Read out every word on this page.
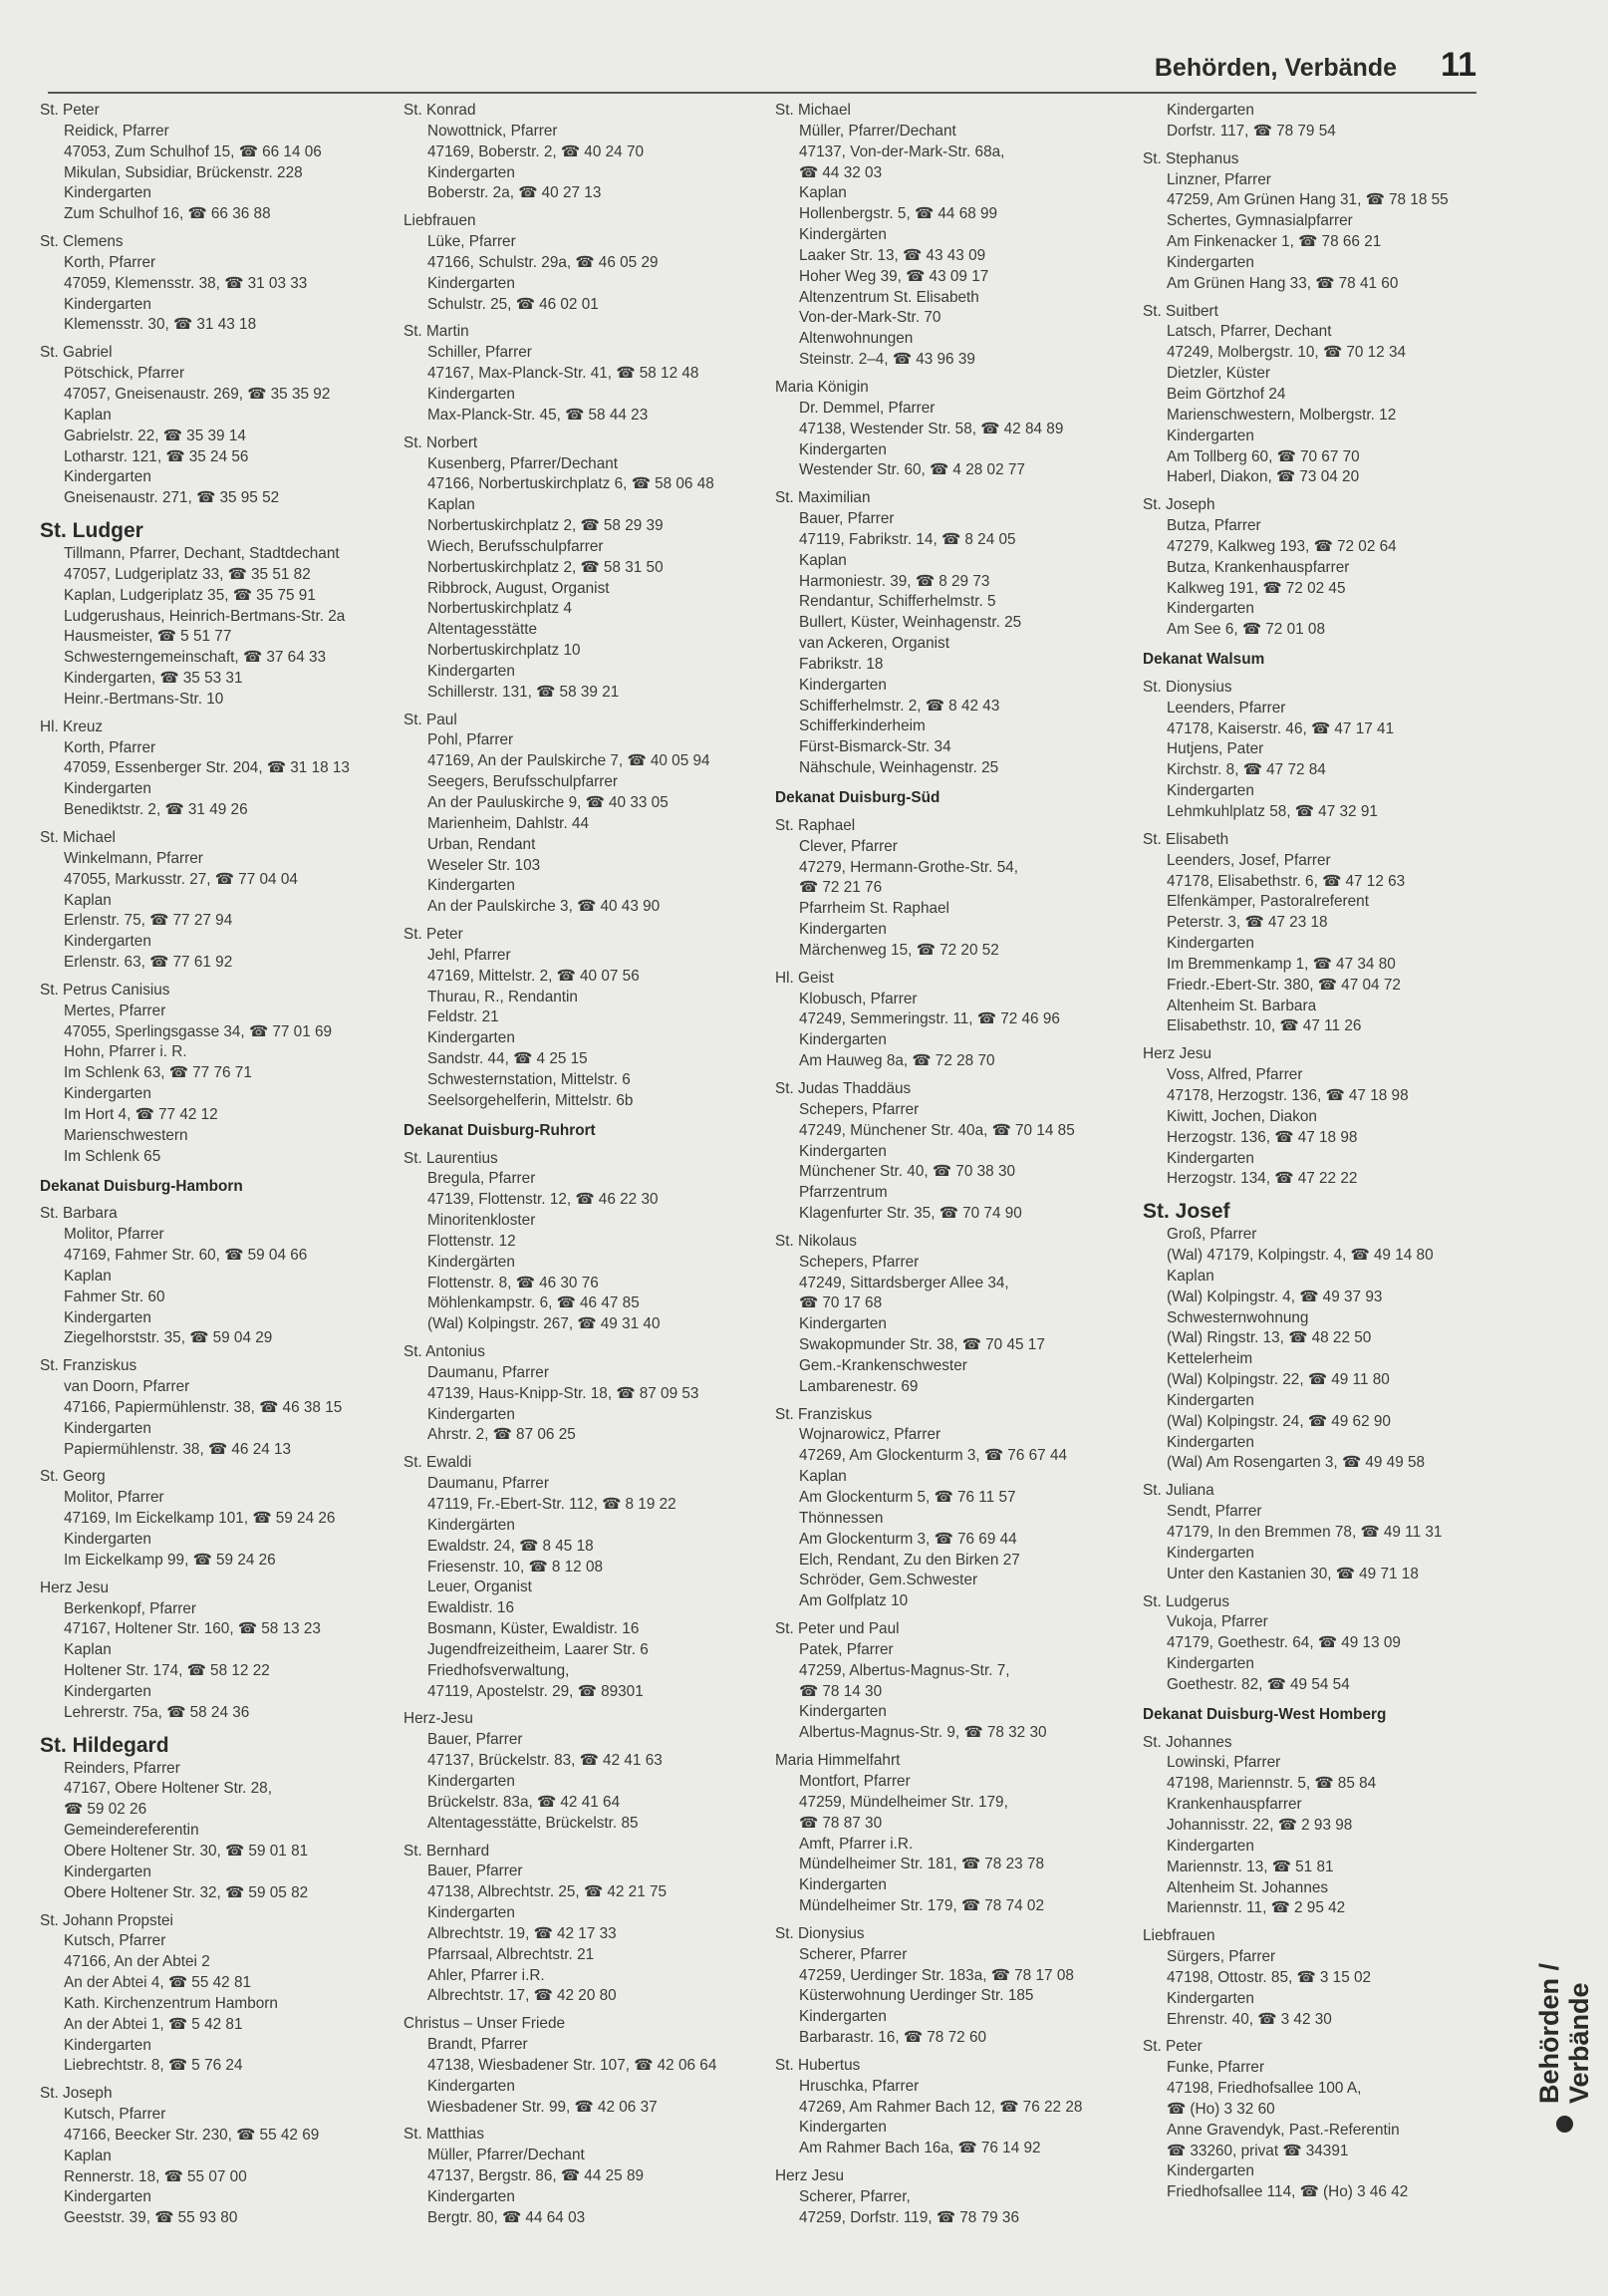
Behörden, Verbände 11
St. Peter
Reidick, Pfarrer
47053, Zum Schulhof 15, ☎ 66 14 06
Mikulan, Subsidiar, Brückenstr. 228
Kindergarten
Zum Schulhof 16, ☎ 66 36 88
St. Clemens
Korth, Pfarrer
47059, Klemensstr. 38, ☎ 31 03 33
Kindergarten
Klemensstr. 30, ☎ 31 43 18
St. Gabriel
Pötschick, Pfarrer
47057, Gneisenaustr. 269, ☎ 35 35 92
Kaplan
Gabrielstr. 22, ☎ 35 39 14
Lotharstr. 121, ☎ 35 24 56
Kindergarten
Gneisenaustr. 271, ☎ 35 95 52
St. Ludger
Tillmann, Pfarrer, Dechant, Stadtdechant
47057, Ludgeriplatz 33, ☎ 35 51 82
Kaplan, Ludgeriplatz 35, ☎ 35 75 91
Ludgerushaus, Heinrich-Bertmans-Str. 2a
Hausmeister, ☎ 5 51 77
Schwesterngemeinschaft, ☎ 37 64 33
Kindergarten, ☎ 35 53 31
Heinr.-Bertmans-Str. 10
Hl. Kreuz
Korth, Pfarrer
47059, Essenberger Str. 204, ☎ 31 18 13
Kindergarten
Benediktstr. 2, ☎ 31 49 26
St. Michael
Winkelmann, Pfarrer
47055, Markusstr. 27, ☎ 77 04 04
Kaplan
Erlenstr. 75, ☎ 77 27 94
Kindergarten
Erlenstr. 63, ☎ 77 61 92
St. Petrus Canisius
Mertes, Pfarrer
47055, Sperlingsgasse 34, ☎ 77 01 69
Hohn, Pfarrer i. R.
Im Schlenk 63, ☎ 77 76 71
Kindergarten
Im Hort 4, ☎ 77 42 12
Marienschwestern
Im Schlenk 65
Dekanat Duisburg-Hamborn
St. Barbara
Molitor, Pfarrer
47169, Fahmer Str. 60, ☎ 59 04 66
Kaplan
Fahmer Str. 60
Kindergarten
Ziegelhorststr. 35, ☎ 59 04 29
St. Franziskus
van Doorn, Pfarrer
47166, Papiermühlenstr. 38, ☎ 46 38 15
Kindergarten
Papiermühlenstr. 38, ☎ 46 24 13
St. Georg
Molitor, Pfarrer
47169, Im Eickelkamp 101, ☎ 59 24 26
Kindergarten
Im Eickelkamp 99, ☎ 59 24 26
Herz Jesu
Berkenkopf, Pfarrer
47167, Holtener Str. 160, ☎ 58 13 23
Kaplan
Holtener Str. 174, ☎ 58 12 22
Kindergarten
Lehrerstr. 75a, ☎ 58 24 36
St. Hildegard
Reinders, Pfarrer
47167, Obere Holtener Str. 28,
☎ 59 02 26
Gemeindereferentin
Obere Holtener Str. 30, ☎ 59 01 81
Kindergarten
Obere Holtener Str. 32, ☎ 59 05 82
St. Johann Propstei
Kutsch, Pfarrer
47166, An der Abtei 2
An der Abtei 4, ☎ 55 42 81
Kath. Kirchenzentrum Hamborn
An der Abtei 1, ☎ 5 42 81
Kindergarten
Liebrechtstr. 8, ☎ 5 76 24
St. Joseph
Kutsch, Pfarrer
47166, Beecker Str. 230, ☎ 55 42 69
Kaplan
Rennerstr. 18, ☎ 55 07 00
Kindergarten
Geeststr. 39, ☎ 55 93 80
St. Konrad
Nowottnick, Pfarrer
47169, Boberstr. 2, ☎ 40 24 70
Kindergarten
Boberstr. 2a, ☎ 40 27 13
Liebfrauen
Lüke, Pfarrer
47166, Schulstr. 29a, ☎ 46 05 29
Kindergarten
Schulstr. 25, ☎ 46 02 01
St. Martin
Schiller, Pfarrer
47167, Max-Planck-Str. 41, ☎ 58 12 48
Kindergarten
Max-Planck-Str. 45, ☎ 58 44 23
St. Norbert
Kusenberg, Pfarrer/Dechant
47166, Norbertuskirchplatz 6, ☎ 58 06 48
Kaplan
Norbertuskirchplatz 2, ☎ 58 29 39
Wiech, Berufsschulpfarrer
Norbertuskirchplatz 2, ☎ 58 31 50
Ribbrock, August, Organist
Norbertuskirchplatz 4
Altentagesstätte
Norbertuskirchplatz 10
Kindergarten
Schillerstr. 131, ☎ 58 39 21
St. Paul
Pohl, Pfarrer
47169, An der Paulskirche 7, ☎ 40 05 94
Seegers, Berufsschulpfarrer
An der Pauluskirche 9, ☎ 40 33 05
Marienheim, Dahlstr. 44
Urban, Rendant
Weseler Str. 103
Kindergarten
An der Paulskirche 3, ☎ 40 43 90
St. Peter
Jehl, Pfarrer
47169, Mittelstr. 2, ☎ 40 07 56
Thurau, R., Rendantin
Feldstr. 21
Kindergarten
Sandstr. 44, ☎ 4 25 15
Schwesternstation, Mittelstr. 6
Seelsorgehelferin, Mittelstr. 6b
Dekanat Duisburg-Ruhrort
St. Laurentius
Bregula, Pfarrer
47139, Flottenstr. 12, ☎ 46 22 30
Minoritenkloster
Flottenstr. 12
Kindergärten
Flottenstr. 8, ☎ 46 30 76
Möhlenkampstr. 6, ☎ 46 47 85
(Wal) Kolpingstr. 267, ☎ 49 31 40
St. Antonius
Daumanu, Pfarrer
47139, Haus-Knipp-Str. 18, ☎ 87 09 53
Kindergarten
Ahrstr. 2, ☎ 87 06 25
St. Ewaldi
Daumanu, Pfarrer
47119, Fr.-Ebert-Str. 112, ☎ 8 19 22
Kindergärten
Ewaldstr. 24, ☎ 8 45 18
Friesenstr. 10, ☎ 8 12 08
Leuer, Organist
Ewaldistr. 16
Bosmann, Küster, Ewaldistr. 16
Jugendfreizeitheim, Laarer Str. 6
Friedhofsverwaltung,
47119, Apostelstr. 29, ☎ 89301
Herz-Jesu
Bauer, Pfarrer
47137, Brückelstr. 83, ☎ 42 41 63
Kindergarten
Brückelstr. 83a, ☎ 42 41 64
Altentagesstätte, Brückelstr. 85
St. Bernhard
Bauer, Pfarrer
47138, Albrechtstr. 25, ☎ 42 21 75
Kindergarten
Albrechtstr. 19, ☎ 42 17 33
Pfarrsaal, Albrechtstr. 21
Ahler, Pfarrer i.R.
Albrechtstr. 17, ☎ 42 20 80
Christus – Unser Friede
Brandt, Pfarrer
47138, Wiesbadener Str. 107, ☎ 42 06 64
Kindergarten
Wiesbadener Str. 99, ☎ 42 06 37
St. Matthias
Müller, Pfarrer/Dechant
47137, Bergstr. 86, ☎ 44 25 89
Kindergarten
Bergtr. 80, ☎ 44 64 03
St. Michael
Müller, Pfarrer/Dechant
47137, Von-der-Mark-Str. 68a,
☎ 44 32 03
Kaplan
Hollenbergstr. 5, ☎ 44 68 99
Kindergärten
Laaker Str. 13, ☎ 43 43 09
Hoher Weg 39, ☎ 43 09 17
Altenzentrum St. Elisabeth
Von-der-Mark-Str. 70
Altenwohnungen
Steinstr. 2–4, ☎ 43 96 39
Maria Königin
Dr. Demmel, Pfarrer
47138, Westender Str. 58, ☎ 42 84 89
Kindergarten
Westender Str. 60, ☎ 4 28 02 77
St. Maximilian
Bauer, Pfarrer
47119, Fabrikstr. 14, ☎ 8 24 05
Kaplan
Harmoniestr. 39, ☎ 8 29 73
Rendantur, Schifferhelmstr. 5
Bullert, Küster, Weinhagenstr. 25
van Ackeren, Organist
Fabrikstr. 18
Kindergarten
Schifferhelmstr. 2, ☎ 8 42 43
Schifferkinderheim
Fürst-Bismarck-Str. 34
Nähschule, Weinhagenstr. 25
Dekanat Duisburg-Süd
St. Raphael
Clever, Pfarrer
47279, Hermann-Grothe-Str. 54,
☎ 72 21 76
Pfarrheim St. Raphael
Kindergarten
Märchenweg 15, ☎ 72 20 52
Hl. Geist
Klobusch, Pfarrer
47249, Semmeringstr. 11, ☎ 72 46 96
Kindergarten
Am Hauweg 8a, ☎ 72 28 70
St. Judas Thaddäus
Schepers, Pfarrer
47249, Münchener Str. 40a, ☎ 70 14 85
Kindergarten
Münchener Str. 40, ☎ 70 38 30
Pfarrzentrum
Klagenfurter Str. 35, ☎ 70 74 90
St. Nikolaus
Schepers, Pfarrer
47249, Sittardsberger Allee 34,
☎ 70 17 68
Kindergarten
Swakopmunder Str. 38, ☎ 70 45 17
Gem.-Krankenschwester
Lambarenestr. 69
St. Franziskus
Wojnarowicz, Pfarrer
47269, Am Glockenturm 3, ☎ 76 67 44
Kaplan
Am Glockenturm 5, ☎ 76 11 57
Thönnessen
Am Glockenturm 3, ☎ 76 69 44
Elch, Rendant, Zu den Birken 27
Schröder, Gem.Schwester
Am Golfplatz 10
St. Peter und Paul
Patek, Pfarrer
47259, Albertus-Magnus-Str. 7,
☎ 78 14 30
Kindergarten
Albertus-Magnus-Str. 9, ☎ 78 32 30
Maria Himmelfahrt
Montfort, Pfarrer
47259, Mündelheimer Str. 179,
☎ 78 87 30
Amft, Pfarrer i.R.
Mündelheimer Str. 181, ☎ 78 23 78
Kindergarten
Mündelheimer Str. 179, ☎ 78 74 02
St. Dionysius
Scherer, Pfarrer
47259, Uerdinger Str. 183a, ☎ 78 17 08
Küsterwohnung Uerdinger Str. 185
Kindergarten
Barbarastr. 16, ☎ 78 72 60
St. Hubertus
Hruschka, Pfarrer
47269, Am Rahmer Bach 12, ☎ 76 22 28
Kindergarten
Am Rahmer Bach 16a, ☎ 76 14 92
Herz Jesu
Scherer, Pfarrer,
47259, Dorfstr. 119, ☎ 78 79 36
Kindergarten
Dorfstr. 117, ☎ 78 79 54
St. Stephanus
Linzner, Pfarrer
47259, Am Grünen Hang 31, ☎ 78 18 55
Schertes, Gymnasialpfarrer
Am Finkenacker 1, ☎ 78 66 21
Kindergarten
Am Grünen Hang 33, ☎ 78 41 60
St. Suitbert
Latsch, Pfarrer, Dechant
47249, Molbergstr. 10, ☎ 70 12 34
Dietzler, Küster
Beim Görtzhof 24
Marienschwestern, Molbergstr. 12
Kindergarten
Am Tollberg 60, ☎ 70 67 70
Haberl, Diakon, ☎ 73 04 20
St. Joseph
Butza, Pfarrer
47279, Kalkweg 193, ☎ 72 02 64
Butza, Krankenhauspfarrer
Kalkweg 191, ☎ 72 02 45
Kindergarten
Am See 6, ☎ 72 01 08
Dekanat Walsum
St. Dionysius
Leenders, Pfarrer
47178, Kaiserstr. 46, ☎ 47 17 41
Hutjens, Pater
Kirchstr. 8, ☎ 47 72 84
Kindergarten
Lehmkuhlplatz 58, ☎ 47 32 91
St. Elisabeth
Leenders, Josef, Pfarrer
47178, Elisabethstr. 6, ☎ 47 12 63
Elfenkämper, Pastoralreferent
Peterstr. 3, ☎ 47 23 18
Kindergarten
Im Bremmenkamp 1, ☎ 47 34 80
Friedr.-Ebert-Str. 380, ☎ 47 04 72
Altenheim St. Barbara
Elisabethstr. 10, ☎ 47 11 26
Herz Jesu
Voss, Alfred, Pfarrer
47178, Herzogstr. 136, ☎ 47 18 98
Kiwitt, Jochen, Diakon
Herzogstr. 136, ☎ 47 18 98
Kindergarten
Herzogstr. 134, ☎ 47 22 22
St. Josef
Groß, Pfarrer
(Wal) 47179, Kolpingstr. 4, ☎ 49 14 80
Kaplan
(Wal) Kolpingstr. 4, ☎ 49 37 93
Schwesternwohnung
(Wal) Ringstr. 13, ☎ 48 22 50
Kettelerheim
(Wal) Kolpingstr. 22, ☎ 49 11 80
Kindergarten
(Wal) Kolpingstr. 24, ☎ 49 62 90
Kindergarten
(Wal) Am Rosengarten 3, ☎ 49 49 58
St. Juliana
Sendt, Pfarrer
47179, In den Bremmen 78, ☎ 49 11 31
Kindergarten
Unter den Kastanien 30, ☎ 49 71 18
St. Ludgerus
Vukoja, Pfarrer
47179, Goethestr. 64, ☎ 49 13 09
Kindergarten
Goethestr. 82, ☎ 49 54 54
Dekanat Duisburg-West Homberg
St. Johannes
Lowinski, Pfarrer
47198, Mariennstr. 5, ☎ 85 84
Krankenhauspfarrer
Johannisstr. 22, ☎ 2 93 98
Kindergarten
Mariennstr. 13, ☎ 51 81
Altenheim St. Johannes
Mariennstr. 11, ☎ 2 95 42
Liebfrauen
Sürgers, Pfarrer
47198, Ottostr. 85, ☎ 3 15 02
Kindergarten
Ehrenstr. 40, ☎ 3 42 30
St. Peter
Funke, Pfarrer
47198, Friedhofsallee 100 A,
☎ (Ho) 3 32 60
Anne Gravendyk, Past.-Referentin
☎ 33260, privat ☎ 34391
Kindergarten
Friedhofsallee 114, ☎ (Ho) 3 46 42
Behörden / Verbände
